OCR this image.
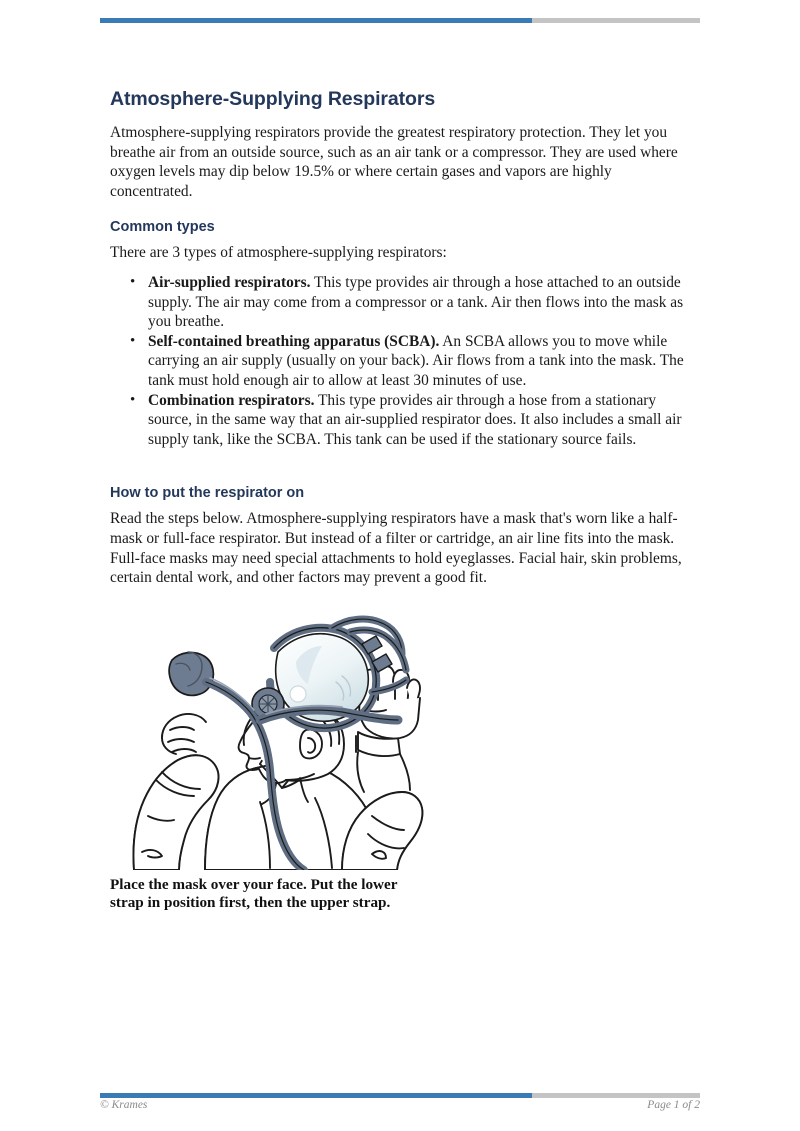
Atmosphere-Supplying Respirators

Atmosphere-supplying respirators provide the greatest respiratory protection. They let you breathe air from an outside source, such as an air tank or a compressor. They are used where oxygen levels may dip below 19.5% or where certain gases and vapors are highly concentrated.

Common types

There are 3 types of atmosphere-supplying respirators:

• Air-supplied respirators. This type provides air through a hose attached to an outside supply. The air may come from a compressor or a tank. Air then flows into the mask as you breathe.
• Self-contained breathing apparatus (SCBA). An SCBA allows you to move while carrying an air supply (usually on your back). Air flows from a tank into the mask. The tank must hold enough air to allow at least 30 minutes of use.
• Combination respirators. This type provides air through a hose from a stationary source, in the same way that an air-supplied respirator does. It also includes a small air supply tank, like the SCBA. This tank can be used if the stationary source fails.
How to put the respirator on

Read the steps below. Atmosphere-supplying respirators have a mask that's worn like a half-mask or full-face respirator. But instead of a filter or cartridge, an air line fits into the mask. Full-face masks may need special attachments to hold eyeglasses. Facial hair, skin problems, certain dental work, and other factors may prevent a good fit.

Place the mask over your face. Put the lower strap in position first, then the upper strap.

© Krames	Page 1 of 2
